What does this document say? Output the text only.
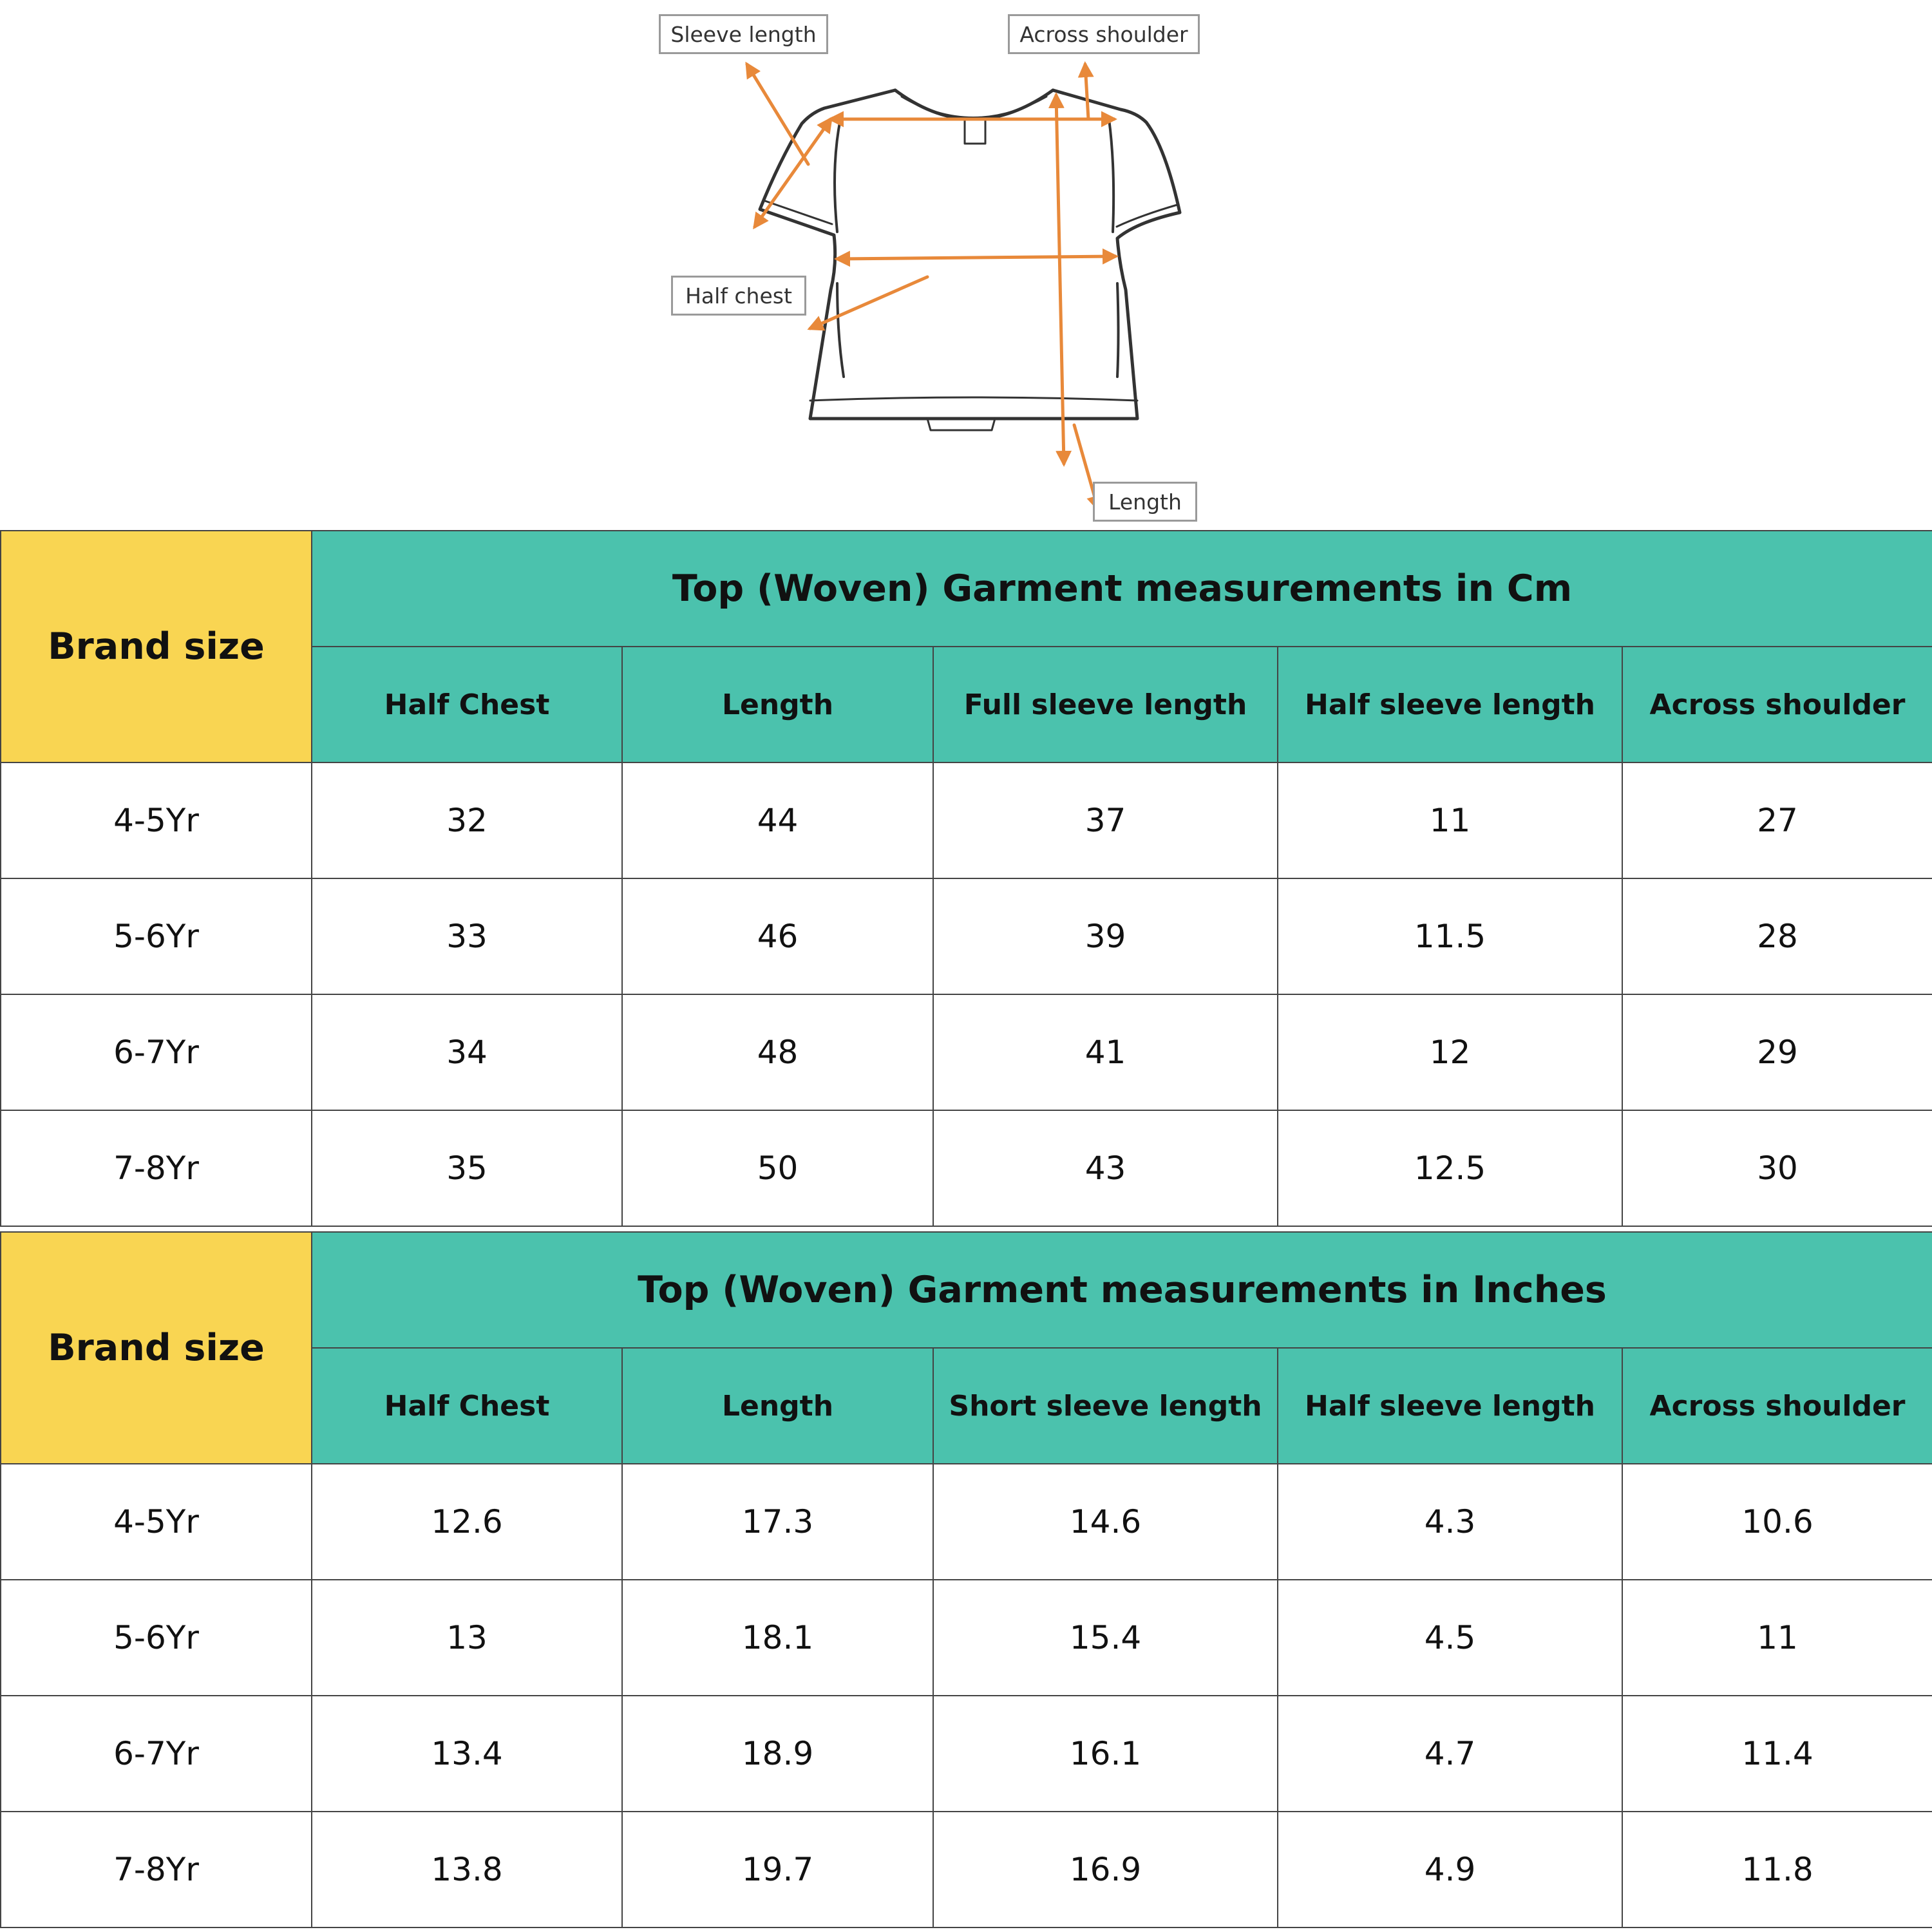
Sleeve length	Across shoulder
Half chest
Length
Brand size	Top (Woven) Garment measurements in Cm				
	Half Chest	Length	Full sleeve length	Half sleeve length	Across shoulder
4-5Yr	32	44	37	11	27
5-6Yr	33	46	39	11.5	28
6-7Yr	34	48	41	12	29
7-8Yr	35	50	43	12.5	30
Brand size	Top (Woven) Garment measurements in Inches				
	Half Chest	Length	Short sleeve length	Half sleeve length	Across shoulder
4-5Yr	12.6	17.3	14.6	4.3	10.6
5-6Yr	13	18.1	15.4	4.5	11
6-7Yr	13.4	18.9	16.1	4.7	11.4
7-8Yr	13.8	19.7	16.9	4.9	11.8
